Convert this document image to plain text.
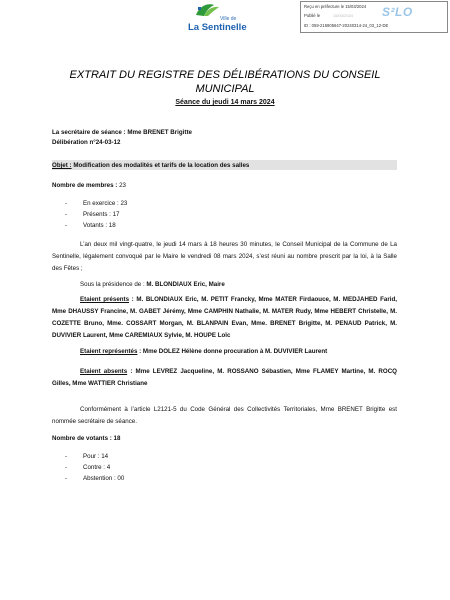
Ville de
La Sentinelle
Reçu en préfecture le 15/03/2024
Publié le	15/03/2024
ID : 059-215905647-20240314-24_03_12-DE
S²LO
EXTRAIT DU REGISTRE DES DÉLIBÉRATIONS DU CONSEIL
MUNICIPAL
Séance du jeudi 14 mars 2024
La secrétaire de séance : Mme BRENET Brigitte
Délibération n°24-03-12
Objet : Modification des modalités et tarifs de la location des salles
Nombre de membres : 23
-	En exercice : 23
-	Présents : 17
-	Votants : 18
L’an deux mil vingt-quatre, le jeudi 14 mars à 18 heures 30 minutes, le Conseil Municipal de la Commune de La Sentinelle, légalement convoqué par le Maire le vendredi 08 mars 2024, s’est réuni au nombre prescrit par la loi, à la Salle des Fêtes ;
Sous la présidence de : M. BLONDIAUX Eric, Maire
Etaient présents : M. BLONDIAUX Eric, M. PETIT Francky, Mme MATER Firdaouce, M. MEDJAHED Farid, Mme DHAUSSY Francine, M. GABET Jérémy, Mme CAMPHIN Nathalie, M. MATER Rudy, Mme HEBERT Christelle, M. COZETTE Bruno, Mme. COSSART Morgan, M. BLANPAIN Evan, Mme. BRENET Brigitte, M. PENAUD Patrick, M. DUVIVIER Laurent, Mme CAREMIAUX Sylvie, M. HOUPE Loïc
Etaient représentés : Mme DOLEZ Hélène donne procuration à M. DUVIVIER Laurent
Etaient absents : Mme LEVREZ Jacqueline, M. ROSSANO Sébastien, Mme FLAMEY Martine, M. ROCQ Gilles, Mme WATTIER Christiane
Conformément à l’article L2121-5 du Code Général des Collectivités Territoriales, Mme BRENET Brigitte est nommée secrétaire de séance.
Nombre de votants : 18
-	Pour : 14
-	Contre : 4
-	Abstention : 00
